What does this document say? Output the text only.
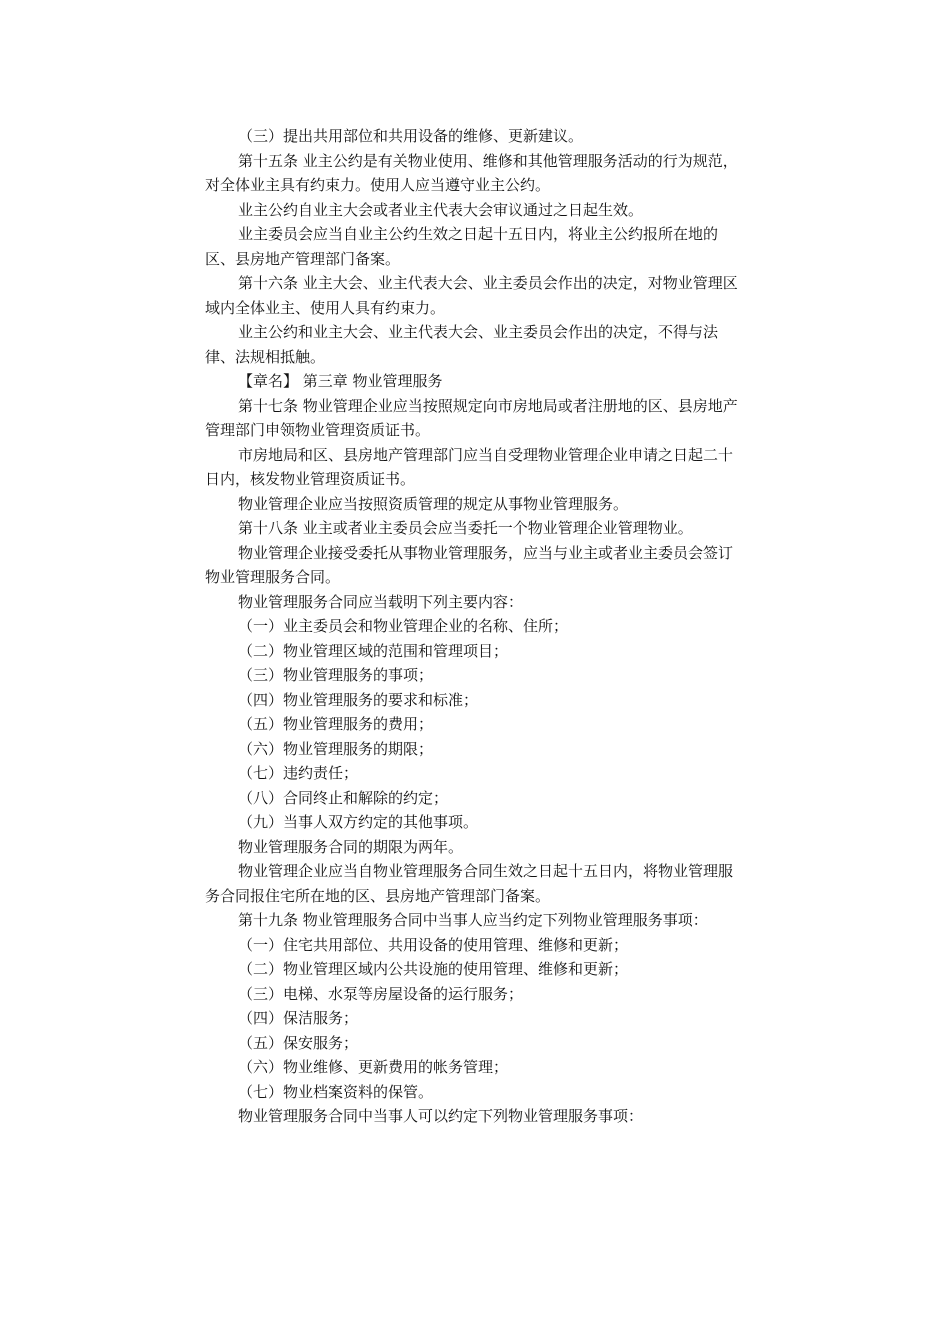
（三）提出共用部位和共用设备的维修、更新建议。

第十五条 业主公约是有关物业使用、维修和其他管理服务活动的行为规范，对全体业主具有约束力。使用人应当遵守业主公约。

业主公约自业主大会或者业主代表大会审议通过之日起生效。

业主委员会应当自业主公约生效之日起十五日内，将业主公约报所在地的区、县房地产管理部门备案。

第十六条 业主大会、业主代表大会、业主委员会作出的决定，对物业管理区域内全体业主、使用人具有约束力。

业主公约和业主大会、业主代表大会、业主委员会作出的决定，不得与法律、法规相抵触。

【章名】 第三章 物业管理服务

第十七条 物业管理企业应当按照规定向市房地局或者注册地的区、县房地产管理部门申领物业管理资质证书。

市房地局和区、县房地产管理部门应当自受理物业管理企业申请之日起二十日内，核发物业管理资质证书。

物业管理企业应当按照资质管理的规定从事物业管理服务。

第十八条 业主或者业主委员会应当委托一个物业管理企业管理物业。

物业管理企业接受委托从事物业管理服务，应当与业主或者业主委员会签订物业管理服务合同。

物业管理服务合同应当载明下列主要内容：

（一）业主委员会和物业管理企业的名称、住所；

（二）物业管理区域的范围和管理项目；

（三）物业管理服务的事项；

（四）物业管理服务的要求和标准；

（五）物业管理服务的费用；

（六）物业管理服务的期限；

（七）违约责任；

（八）合同终止和解除的约定；

（九）当事人双方约定的其他事项。

物业管理服务合同的期限为两年。

物业管理企业应当自物业管理服务合同生效之日起十五日内，将物业管理服务合同报住宅所在地的区、县房地产管理部门备案。

第十九条 物业管理服务合同中当事人应当约定下列物业管理服务事项：

（一）住宅共用部位、共用设备的使用管理、维修和更新；

（二）物业管理区域内公共设施的使用管理、维修和更新；

（三）电梯、水泵等房屋设备的运行服务；

（四）保洁服务；

（五）保安服务；

（六）物业维修、更新费用的帐务管理；

（七）物业档案资料的保管。

物业管理服务合同中当事人可以约定下列物业管理服务事项：
